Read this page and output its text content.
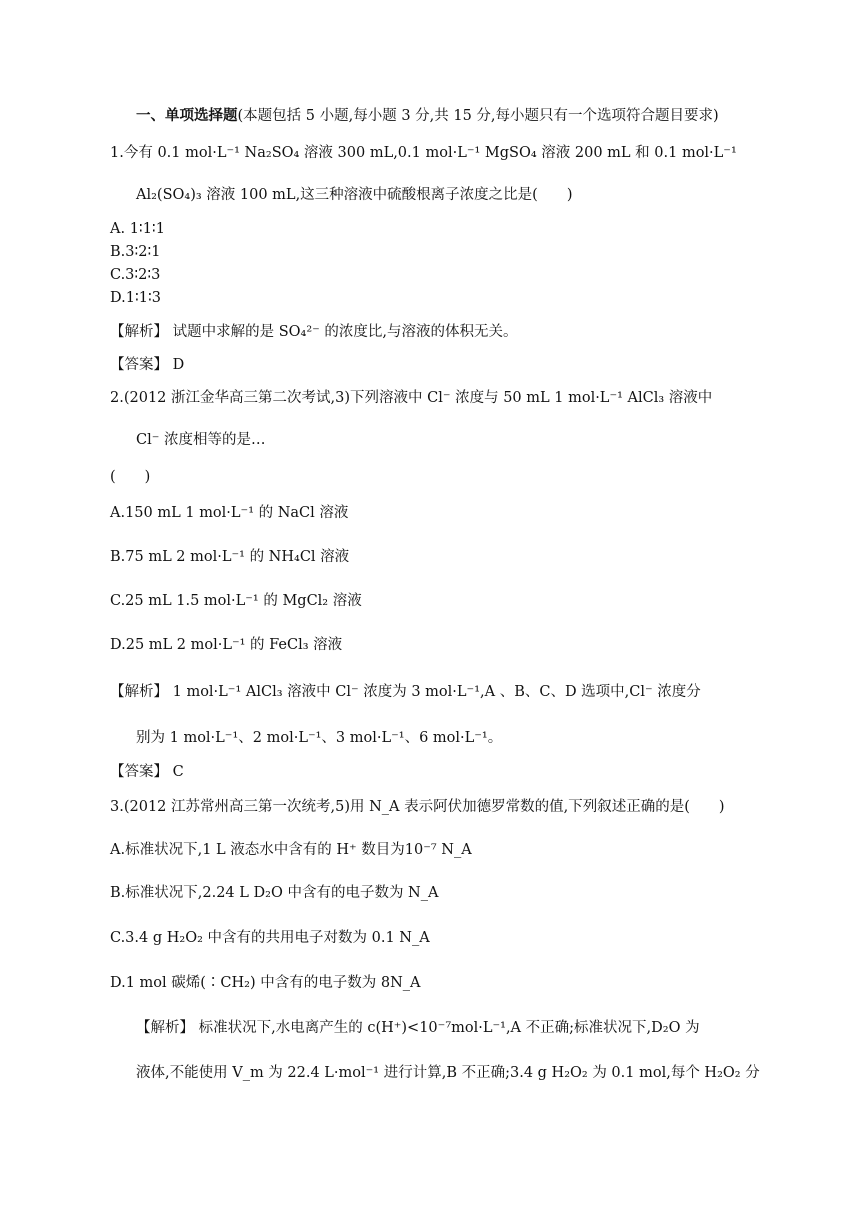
一、单项选择题(本题包括 5 小题,每小题 3 分,共 15 分,每小题只有一个选项符合题目要求)
1.今有 0.1 mol·L⁻¹ Na₂SO₄ 溶液 300 mL,0.1 mol·L⁻¹ MgSO₄ 溶液 200 mL 和 0.1 mol·L⁻¹
Al₂(SO₄)₃ 溶液 100 mL,这三种溶液中硫酸根离子浓度之比是(　　)
A. 1∶1∶1
B.3∶2∶1
C.3∶2∶3
D.1∶1∶3
【解析】 试题中求解的是 SO₄²⁻ 的浓度比,与溶液的体积无关。
【答案】 D
2.(2012 浙江金华高三第二次考试,3)下列溶液中 Cl⁻ 浓度与 50 mL 1 mol·L⁻¹ AlCl₃ 溶液中
Cl⁻ 浓度相等的是…
(　　)
A.150 mL 1 mol·L⁻¹ 的 NaCl 溶液
B.75 mL 2 mol·L⁻¹ 的 NH₄Cl 溶液
C.25 mL 1.5 mol·L⁻¹ 的 MgCl₂ 溶液
D.25 mL 2 mol·L⁻¹ 的 FeCl₃ 溶液
【解析】 1 mol·L⁻¹ AlCl₃ 溶液中 Cl⁻ 浓度为 3 mol·L⁻¹,A 、B、C、D 选项中,Cl⁻ 浓度分
别为 1 mol·L⁻¹、2 mol·L⁻¹、3 mol·L⁻¹、6 mol·L⁻¹。
【答案】 C
3.(2012 江苏常州高三第一次统考,5)用 N_A 表示阿伏加德罗常数的值,下列叙述正确的是(　　)
A.标准状况下,1 L 液态水中含有的 H⁺ 数目为10⁻⁷ N_A
B.标准状况下,2.24 L D₂O 中含有的电子数为 N_A
C.3.4 g H₂O₂ 中含有的共用电子对数为 0.1 N_A
D.1 mol 碳烯(∶CH₂) 中含有的电子数为 8N_A
【解析】 标准状况下,水电离产生的 c(H⁺)<10⁻⁷mol·L⁻¹,A 不正确;标准状况下,D₂O 为
液体,不能使用 V_m 为 22.4 L·mol⁻¹ 进行计算,B 不正确;3.4 g H₂O₂ 为 0.1 mol,每个 H₂O₂ 分
